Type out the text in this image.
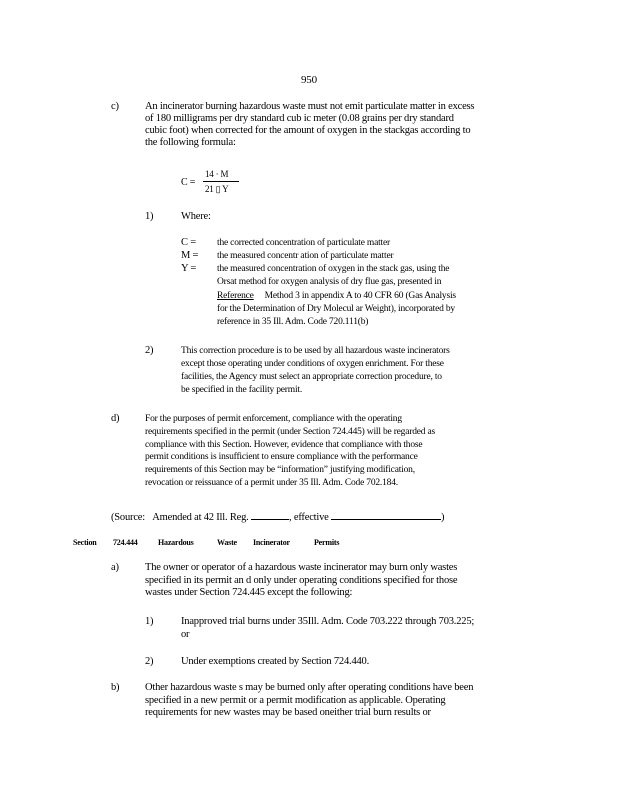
950
c) An incinerator burning hazardous waste must not emit particulate matter in excess
of 180 milligrams per dry standard cub ic meter (0.08 grains per dry standard
cubic foot) when corrected for the amount of oxygen in the stackgas according to
the following formula:
C =
14 · M
21 ▯ Y
1)	Where:
C = the corrected concentration of particulate matter
M = the measured concentr ation of particulate matter
Y = the measured concentration of oxygen in the stack gas, using the
Orsat method for oxygen analysis of dry flue gas, presented in
Reference Method 3 in appendix A to 40 CFR 60 (Gas Analysis
for the Determination of Dry Molecul ar Weight), incorporated by
reference in 35 Ill. Adm. Code 720.111(b)
2)	This correction procedure is to be used by all hazardous waste incinerators
except those operating under conditions of oxygen enrichment. For these
facilities, the Agency must select an appropriate correction procedure, to
be specified in the facility permit.
d)	For the purposes of permit enforcement, compliance with the operating
requirements specified in the permit (under Section 724.445) will be regarded as
compliance with this Section. However, evidence that compliance with those
permit conditions is insufficient to ensure compliance with the performance
requirements of this Section may be “information” justifying modification,
revocation or reissuance of a permit under 35 Ill. Adm. Code 702.184.
(Source: Amended at 42 Ill. Reg.	, effective	)
Section 724.444	Hazardous	Waste Incinerator	Permits
a) The owner or operator of a hazardous waste incinerator may burn only wastes
specified in its permit an d only under operating conditions specified for those
wastes under Section 724.445 except the following:
1)	Inapproved trial burns under 35Ill. Adm. Code 703.222 through 703.225;
or
2)	Under exemptions created by Section 724.440.
b) Other hazardous waste s may be burned only after operating conditions have been
specified in a new permit or a permit modification as applicable. Operating
requirements for new wastes may be based oneither trial burn results or
